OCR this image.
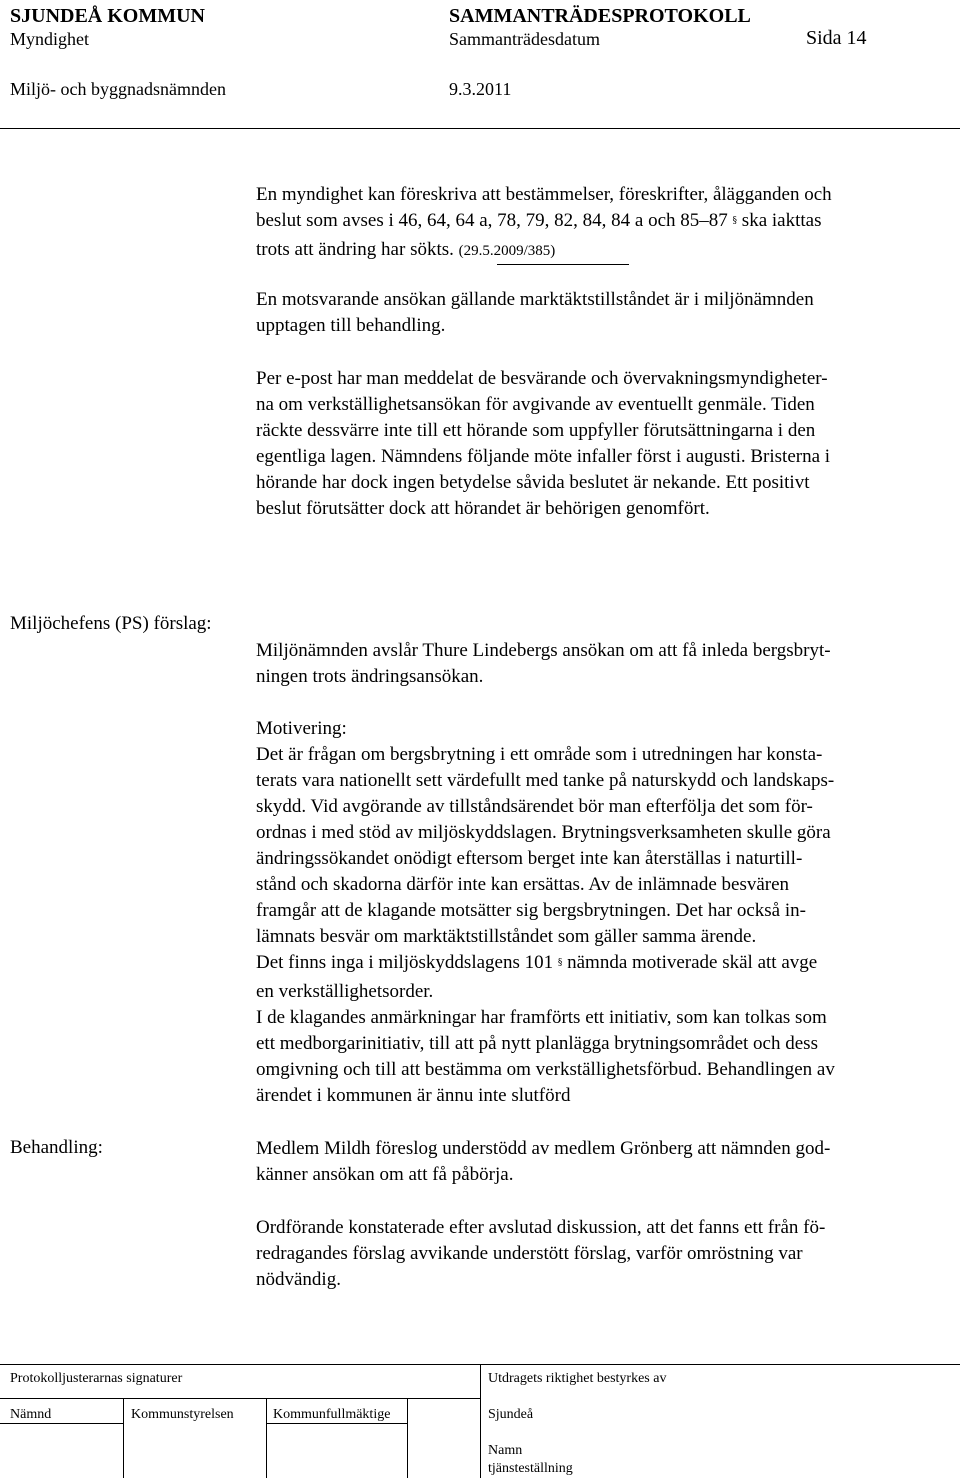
SJUNDEÅ KOMMUN	SAMMANTRÄDESPROTOKOLL
Myndighet	Sammanträdesdatum	Sida 14
Miljö- och byggnadsnämnden	9.3.2011
En myndighet kan föreskriva att bestämmelser, föreskrifter, ålägganden och
beslut som avses i 46, 64, 64 a, 78, 79, 82, 84, 84 a och 85–87 § ska iakttas
trots att ändring har sökts. (29.5.2009/385)
En motsvarande ansökan gällande marktäktstillståndet är i miljönämnden
upptagen till behandling.
Per e-post har man meddelat de besvärande och övervakningsmyndigheter-
na om verkställighetsansökan för avgivande av eventuellt genmäle. Tiden
räckte dessvärre inte till ett hörande som uppfyller förutsättningarna i den
egentliga lagen. Nämndens följande möte infaller först i augusti. Bristerna i
hörande har dock ingen betydelse såvida beslutet är nekande. Ett positivt
beslut förutsätter dock att hörandet är behörigen genomfört.
Miljöchefens (PS) förslag:
Miljönämnden avslår Thure Lindebergs ansökan om att få inleda bergsbryt-
ningen trots ändringsansökan.
Motivering:
Det är frågan om bergsbrytning i ett område som i utredningen har konsta-
terats vara nationellt sett värdefullt med tanke på naturskydd och landskaps-
skydd. Vid avgörande av tillståndsärendet bör man efterfölja det som för-
ordnas i med stöd av miljöskyddslagen. Brytningsverksamheten skulle göra
ändringssökandet onödigt eftersom berget inte kan återställas i naturtill-
stånd och skadorna därför inte kan ersättas. Av de inlämnade besvären
framgår att de klagande motsätter sig bergsbrytningen. Det har också in-
lämnats besvär om marktäktstillståndet som gäller samma ärende.
Det finns inga i miljöskyddslagens 101 § nämnda motiverade skäl att avge
en verkställighetsorder.
I de klagandes anmärkningar har framförts ett initiativ, som kan tolkas som
ett medborgarinitiativ, till att på nytt planlägga brytningsområdet och dess
omgivning och till att bestämma om verkställighetsförbud. Behandlingen av
ärendet i kommunen är ännu inte slutförd
Behandling:	Medlem Mildh föreslog understödd av medlem Grönberg att nämnden god-
känner ansökan om att få påbörja.
Ordförande konstaterade efter avslutad diskussion, att det fanns ett från fö-
redragandes förslag avvikande understött förslag, varför omröstning var
nödvändig.
Protokolljusterarnas signaturer	Utdragets riktighet bestyrkes av
Nämnd	Kommunstyrelsen	Kommunfullmäktige	Sjundeå
Namn
tjänsteställning
